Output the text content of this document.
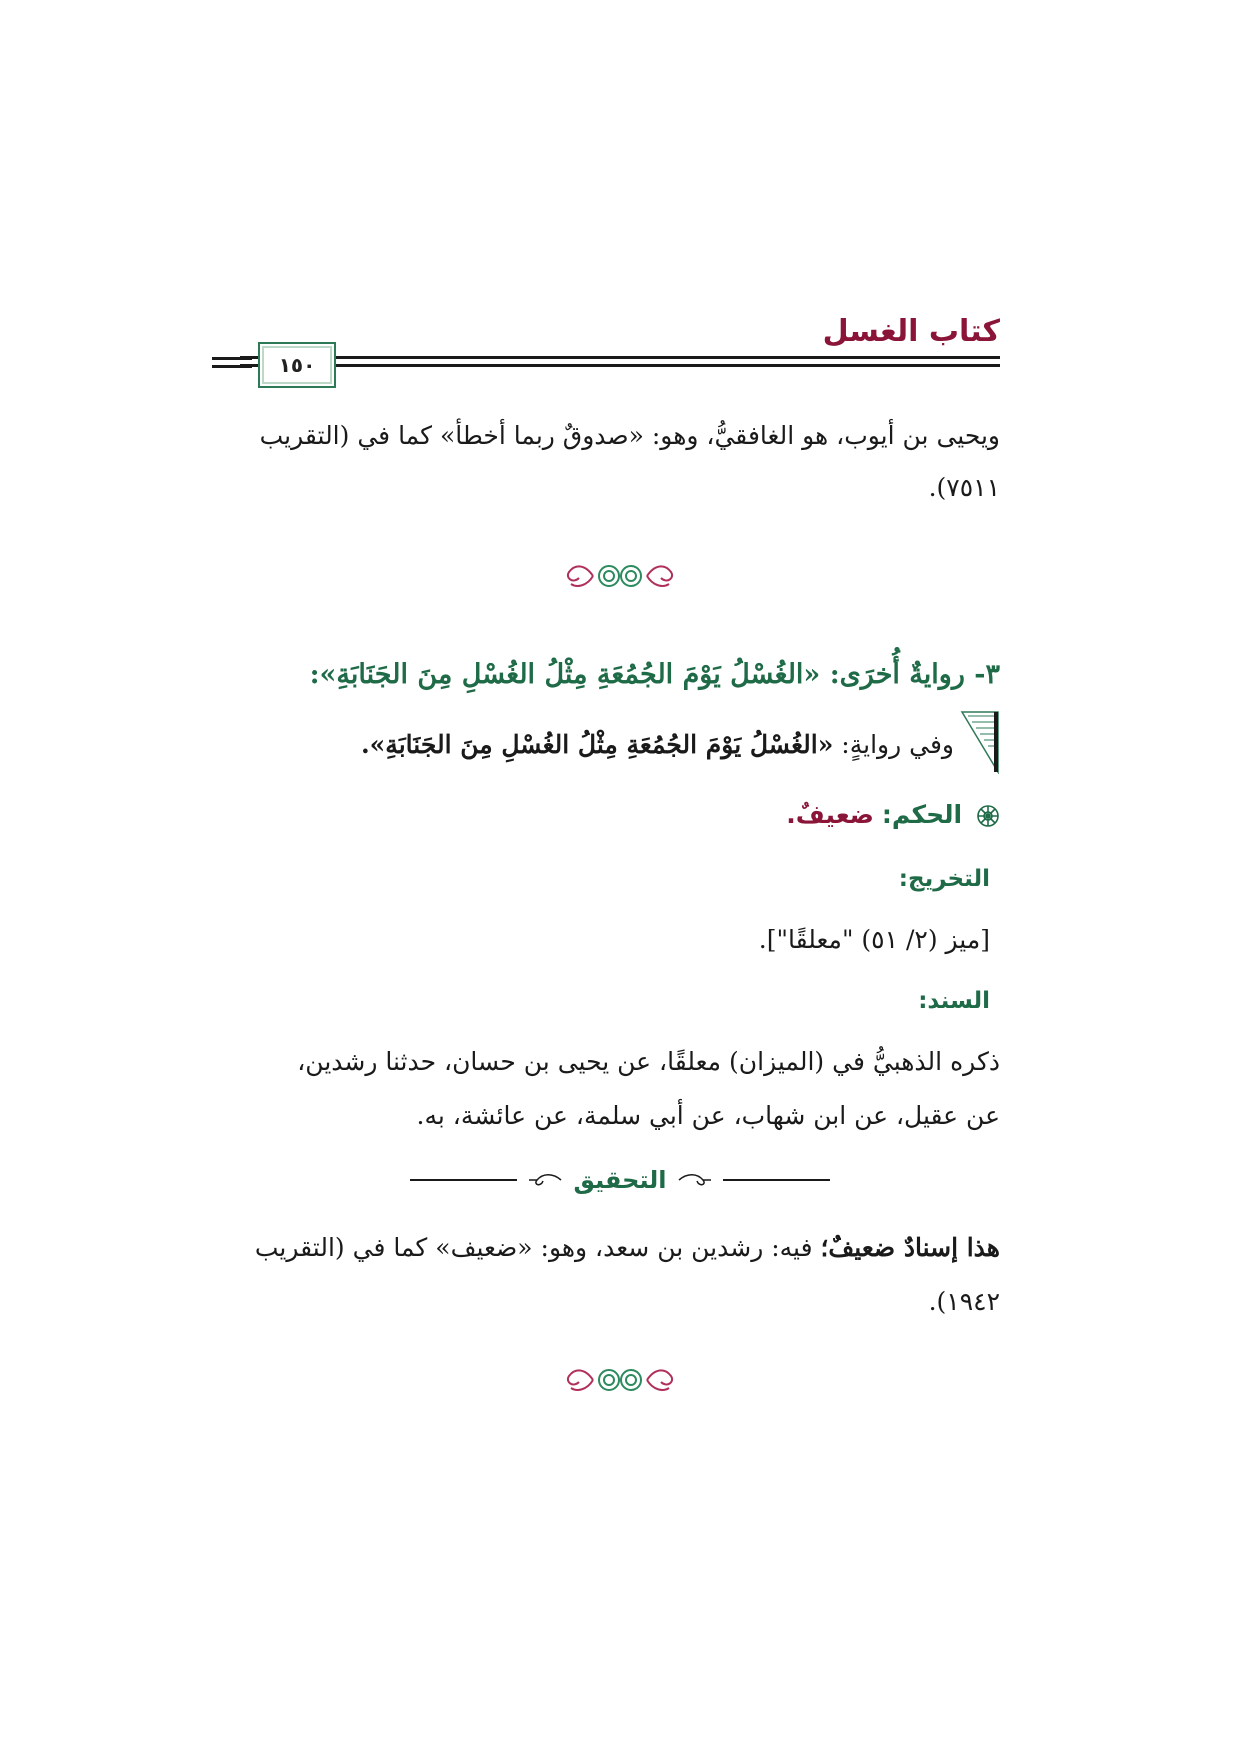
كتاب الغسل
١٥٠
ويحيى بن أيوب، هو الغافقيُّ، وهو: «صدوقٌ ربما أخطأ» كما في (التقريب
٧٥١١).
٣- روايةٌ أُخرَى: «الغُسْلُ يَوْمَ الجُمُعَةِ مِثْلُ الغُسْلِ مِنَ الجَنَابَةِ»:
وفي روايةٍ: «الغُسْلُ يَوْمَ الجُمُعَةِ مِثْلُ الغُسْلِ مِنَ الجَنَابَةِ».
الحكم: ضعيفٌ.
التخريج:
[ميز (٢/ ٥١) "معلقًا"].
السند:
ذكره الذهبيُّ في (الميزان) معلقًا، عن يحيى بن حسان، حدثنا رشدين،
عن عقيل، عن ابن شهاب، عن أبي سلمة، عن عائشة، به.
التحقيق
هذا إسنادٌ ضعيفٌ؛ فيه: رشدين بن سعد، وهو: «ضعيف» كما في (التقريب
١٩٤٢).
